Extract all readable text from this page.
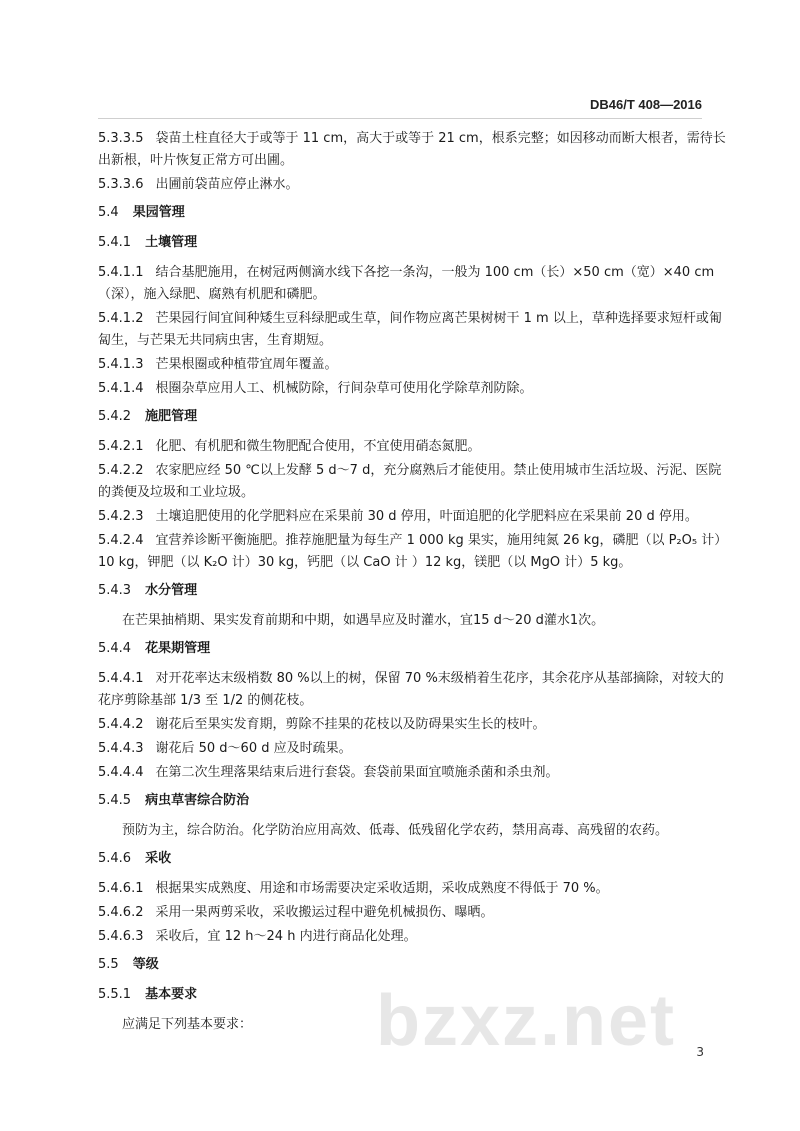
DB46/T 408—2016
5.3.3.5 袋苗土柱直径大于或等于 11 cm，高大于或等于 21 cm，根系完整；如因移动而断大根者，需待长出新根，叶片恢复正常方可出圃。
5.3.3.6 出圃前袋苗应停止淋水。
5.4 果园管理
5.4.1 土壤管理
5.4.1.1 结合基肥施用，在树冠两侧滴水线下各挖一条沟，一般为 100 cm（长）×50 cm（宽）×40 cm（深），施入绿肥、腐熟有机肥和磷肥。
5.4.1.2 芒果园行间宜间种矮生豆科绿肥或生草，间作物应离芒果树树干 1 m 以上，草种选择要求短杆或匍匐生，与芒果无共同病虫害，生育期短。
5.4.1.3 芒果根圈或种植带宜周年覆盖。
5.4.1.4 根圈杂草应用人工、机械防除，行间杂草可使用化学除草剂防除。
5.4.2 施肥管理
5.4.2.1 化肥、有机肥和微生物肥配合使用，不宜使用硝态氮肥。
5.4.2.2 农家肥应经 50 ℃以上发酵 5 d～7 d，充分腐熟后才能使用。禁止使用城市生活垃圾、污泥、医院的粪便及垃圾和工业垃圾。
5.4.2.3 土壤追肥使用的化学肥料应在采果前 30 d 停用，叶面追肥的化学肥料应在采果前 20 d 停用。
5.4.2.4 宜营养诊断平衡施肥。推荐施肥量为每生产 1 000 kg 果实，施用纯氮 26 kg，磷肥（以 P₂O₅ 计）10 kg，钾肥（以 K₂O 计）30 kg，钙肥（以 CaO 计 ）12 kg，镁肥（以 MgO 计）5 kg。
5.4.3 水分管理
在芒果抽梢期、果实发育前期和中期，如遇旱应及时灌水，宜15 d～20 d灌水1次。
5.4.4 花果期管理
5.4.4.1 对开花率达末级梢数 80 %以上的树，保留 70 %末级梢着生花序，其余花序从基部摘除，对较大的花序剪除基部 1/3 至 1/2 的侧花枝。
5.4.4.2 谢花后至果实发育期，剪除不挂果的花枝以及防碍果实生长的枝叶。
5.4.4.3 谢花后 50 d～60 d 应及时疏果。
5.4.4.4 在第二次生理落果结束后进行套袋。套袋前果面宜喷施杀菌和杀虫剂。
5.4.5 病虫草害综合防治
预防为主，综合防治。化学防治应用高效、低毒、低残留化学农药，禁用高毒、高残留的农药。
5.4.6 采收
5.4.6.1 根据果实成熟度、用途和市场需要决定采收适期，采收成熟度不得低于 70 %。
5.4.6.2 采用一果两剪采收，采收搬运过程中避免机械损伤、曝晒。
5.4.6.3 采收后，宜 12 h～24 h 内进行商品化处理。
5.5 等级
5.5.1 基本要求
应满足下列基本要求：	bzxz.net 3
